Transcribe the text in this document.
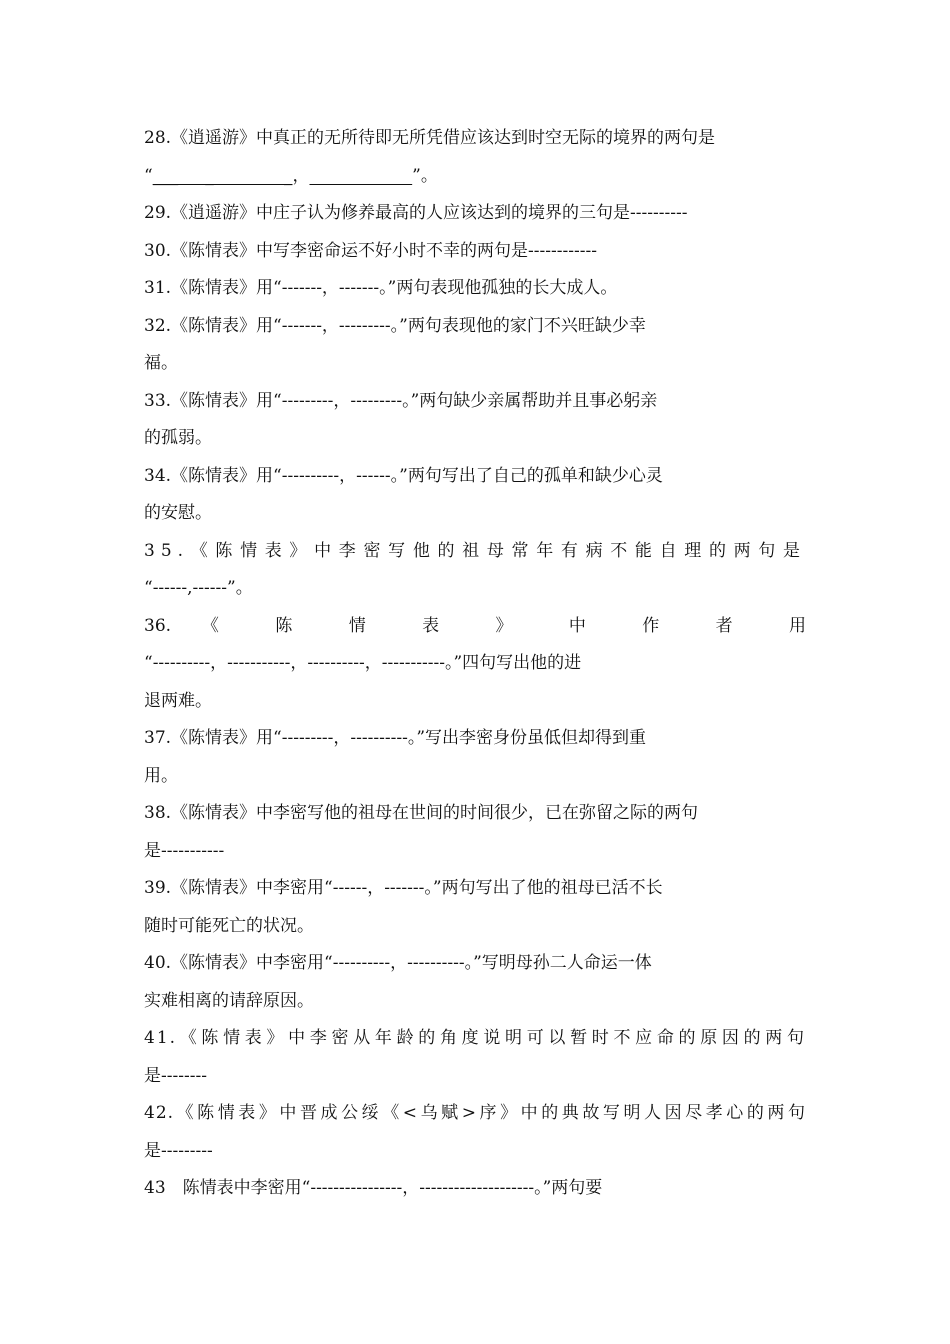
28.《逍遥游》中真正的无所待即无所凭借应该达到时空无际的境界的两句是
“___     _             _，	”。
29.《逍遥游》中庄子认为修养最高的人应该达到的境界的三句是----------
30.《陈情表》中写李密命运不好小时不幸的两句是------------
31.《陈情表》用“-------，-------。”两句表现他孤独的长大成人。
32.《陈情表》用“-------，---------。”两句表现他的家门不兴旺缺少幸
福。
33.《陈情表》用“---------，---------。”两句缺少亲属帮助并且事必躬亲
的孤弱。
34.《陈情表》用“----------，------。”两句写出了自己的孤单和缺少心灵
的安慰。
35.《陈情表》中李密写他的祖母常年有病不能自理的两句是
“------,------”。
36. 《 陈 情 表 》 中 作 者 用
“----------，-----------，----------，-----------。”四句写出他的进
退两难。
37.《陈情表》用“---------，----------。”写出李密身份虽低但却得到重
用。
38.《陈情表》中李密写他的祖母在世间的时间很少，已在弥留之际的两句
是-----------
39.《陈情表》中李密用“------，-------。”两句写出了他的祖母已活不长
随时可能死亡的状况。
40.《陈情表》中李密用“----------，----------。”写明母孙二人命运一体
实难相离的请辞原因。
41.《陈情表》中李密从年龄的角度说明可以暂时不应命的原因的两句
是--------
42.《陈情表》中晋成公绥《<乌赋>序》中的典故写明人因尽孝心的两句
是---------
43　陈情表中李密用“----------------，--------------------。”两句要
